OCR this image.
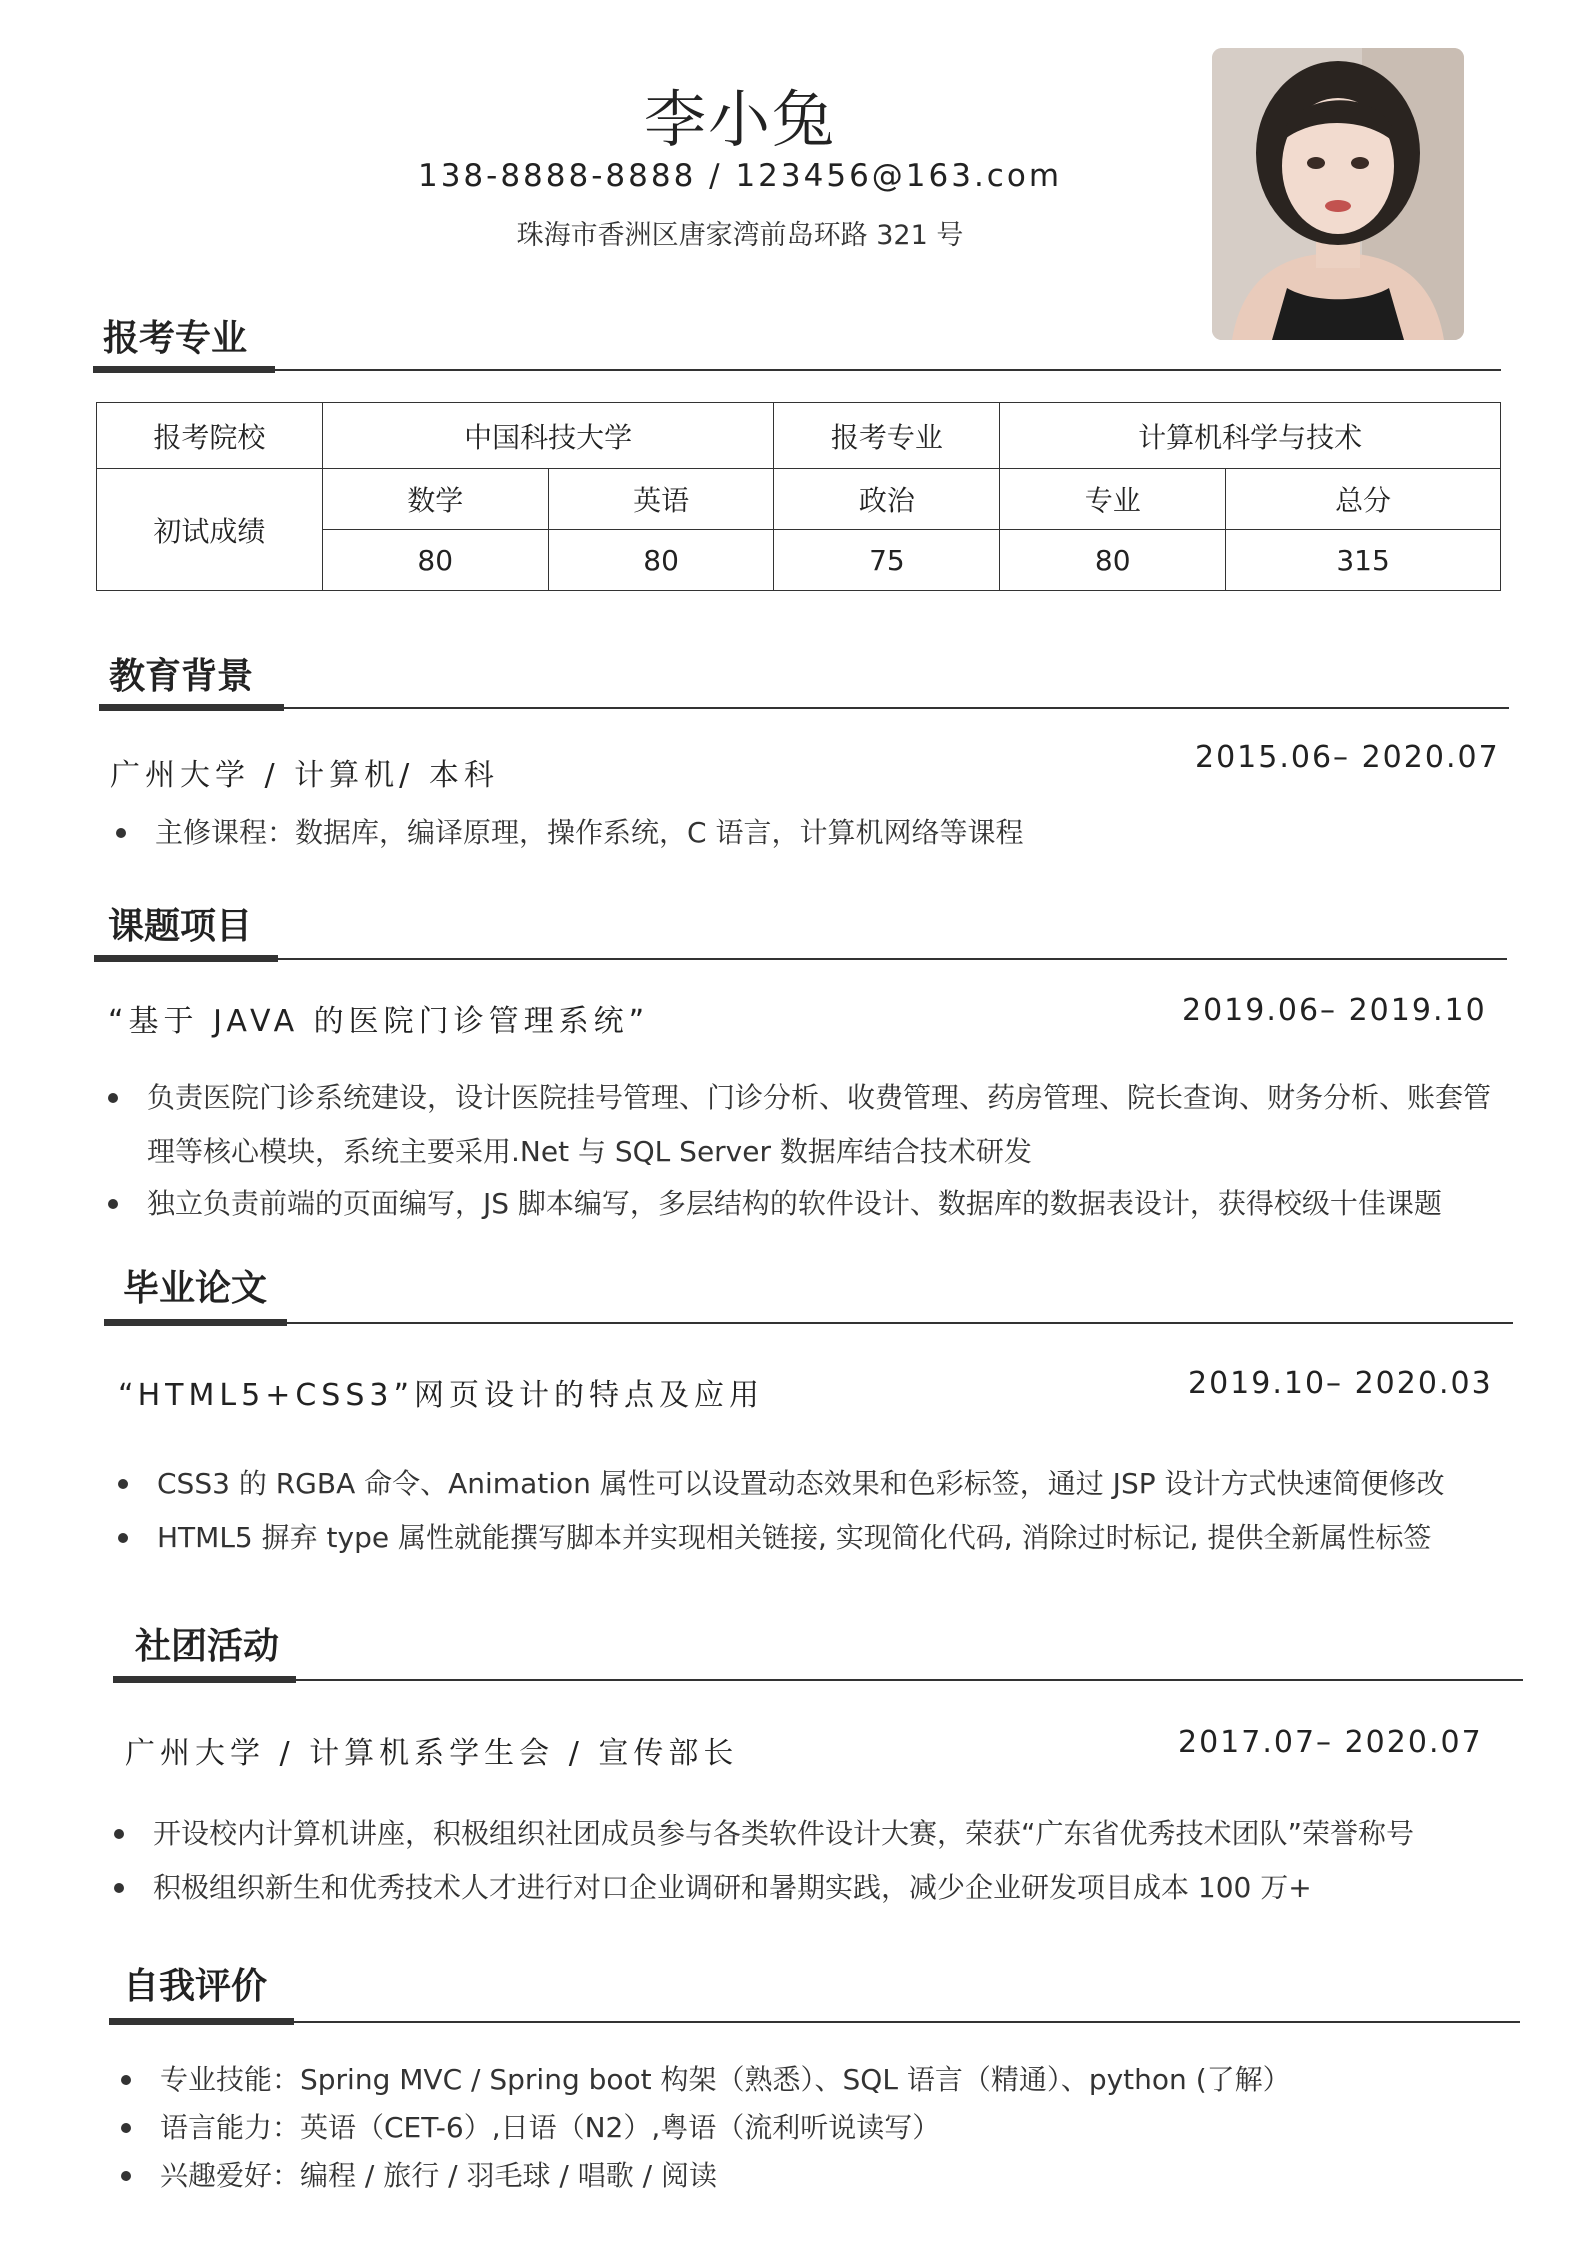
李小兔
138-8888-8888 / 123456@163.com
珠海市香洲区唐家湾前岛环路 321 号
报考专业
报考院校	中国科技大学		报考专业	计算机科学与技术	
初试成绩	数学	英语	政治	专业	总分
	80	80	75	80	315
教育背景
广州大学 / 计算机/ 本科
2015.06– 2020.07
主修课程：数据库，编译原理，操作系统，C 语言，计算机网络等课程
课题项目
“基于 JAVA 的医院门诊管理系统”	2019.06– 2019.10
负责医院门诊系统建设，设计医院挂号管理、门诊分析、收费管理、药房管理、院长查询、财务分析、账套管
理等核心模块，系统主要采用.Net 与 SQL Server 数据库结合技术研发
独立负责前端的页面编写，JS 脚本编写，多层结构的软件设计、数据库的数据表设计，获得校级十佳课题
毕业论文
“HTML5+CSS3”网页设计的特点及应用	2019.10– 2020.03
CSS3 的 RGBA 命令、Animation 属性可以设置动态效果和色彩标签，通过 JSP 设计方式快速简便修改
HTML5 摒弃 type 属性就能撰写脚本并实现相关链接, 实现简化代码, 消除过时标记, 提供全新属性标签
社团活动
广州大学 / 计算机系学生会 / 宣传部长	2017.07– 2020.07
开设校内计算机讲座，积极组织社团成员参与各类软件设计大赛，荣获“广东省优秀技术团队”荣誉称号
积极组织新生和优秀技术人才进行对口企业调研和暑期实践，减少企业研发项目成本 100 万+
自我评价
专业技能：Spring MVC / Spring boot 构架（熟悉）、SQL 语言（精通）、python (了解）
语言能力：英语（CET-6）,日语（N2）,粤语（流利听说读写）
兴趣爱好：编程 / 旅行 / 羽毛球 / 唱歌 / 阅读
